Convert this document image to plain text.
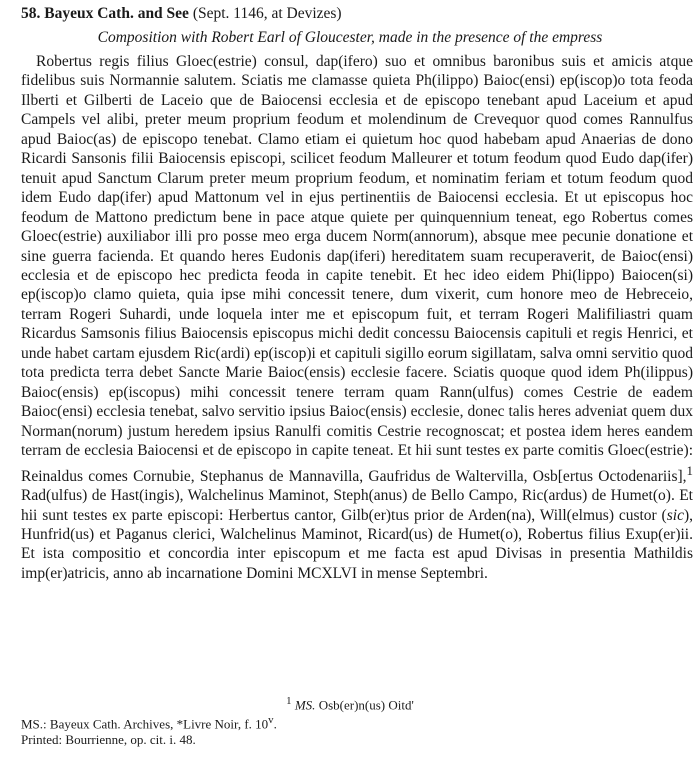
58. Bayeux Cath. and See (Sept. 1146, at Devizes)
Composition with Robert Earl of Gloucester, made in the presence of the empress

Robertus regis filius Gloec(estrie) consul, dap(ifero) suo et omnibus baronibus suis et amicis atque fidelibus suis Normannie salutem. Sciatis me clamasse quieta Ph(ilippo) Baioc(ensi) ep(iscop)o tota feoda Ilberti et Gilberti de Laceio que de Baiocensi ecclesia et de episcopo tenebant apud Laceium et apud Campels vel alibi, preter meum proprium feodum et molendinum de Crevequor quod comes Rannulfus apud Baioc(as) de episcopo tenebat. Clamo etiam ei quietum hoc quod habebam apud Anaerias de dono Ricardi Sansonis filii Baiocensis episcopi, scilicet feodum Malleurer et totum feodum quod Eudo dap(ifer) tenuit apud Sanctum Clarum preter meum proprium feodum, et nominatim feriam et totum feodum quod idem Eudo dap(ifer) apud Mattonum vel in ejus pertinentiis de Baiocensi ecclesia. Et ut episcopus hoc feodum de Mattono predictum bene in pace atque quiete per quinquennium teneat, ego Robertus comes Gloec(estrie) auxiliabor illi pro posse meo erga ducem Norm(annorum), absque mee pecunie donatione et sine guerra facienda. Et quando heres Eudonis dap(iferi) hereditatem suam recuperaverit, de Baioc(ensi) ecclesia et de episcopo hec predicta feoda in capite tenebit. Et hec ideo eidem Phi(lippo) Baiocen(si) ep(iscop)o clamo quieta, quia ipse mihi concessit tenere, dum vixerit, cum honore meo de Hebreceio, terram Rogeri Suhardi, unde loquela inter me et episcopum fuit, et terram Rogeri Malifiliastri quam Ricardus Samsonis filius Baiocensis episcopus michi dedit concessu Baiocensis capituli et regis Henrici, et unde habet cartam ejusdem Ric(ardi) ep(iscop)i et capituli sigillo eorum sigillatam, salva omni servitio quod tota predicta terra debet Sancte Marie Baioc(ensis) ecclesie facere. Sciatis quoque quod idem Ph(ilippus) Baioc(ensis) ep(iscopus) mihi concessit tenere terram quam Rann(ulfus) comes Cestrie de eadem Baioc(ensi) ecclesia tenebat, salvo servitio ipsius Baioc(ensis) ecclesie, donec talis heres adveniat quem dux Norman(norum) justum heredem ipsius Ranulfi comitis Cestrie recognoscat; et postea idem heres eandem terram de ecclesia Baiocensi et de episcopo in capite teneat. Et hii sunt testes ex parte comitis Gloec(estrie): Reinaldus comes Cornubie, Stephanus de Mannavilla, Gaufridus de Waltervilla, Osb[ertus Octodenariis],$^1$ Rad(ulfus) de Hast(ingis), Walchelinus Maminot, Steph(anus) de Bello Campo, Ric(ardus) de Humet(o). Et hii sunt testes ex parte episcopi: Herbertus cantor, Gilb(er)tus prior de Arden(na), Will(elmus) custor (sic), Hunfrid(us) et Paganus clerici, Walchelinus Maminot, Ricard(us) de Humet(o), Robertus filius Exup(er)ii. Et ista compositio et concordia inter episcopum et me facta est apud Divisas in presentia Mathildis imp(er)atricis, anno ab incarnatione Domini MCXLVI in mense Septembri.

$^1$ MS. Osb(er)n(us) Oitd'
MS.: Bayeux Cath. Archives, *Livre Noir, f. 10$^v$.
Printed: Bourrienne, op. cit. i. 48.
